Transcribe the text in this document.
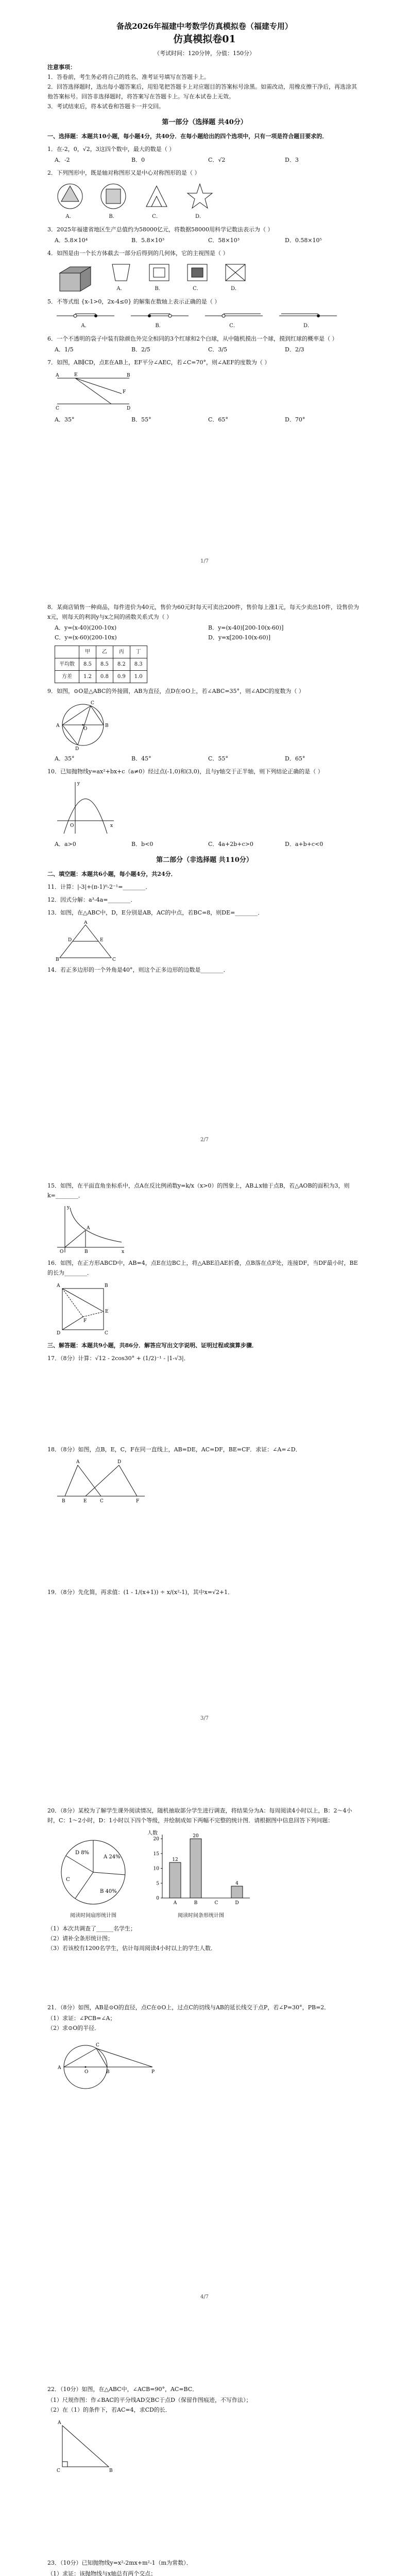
备战2026年福建中考数学仿真模拟卷（福建专用）
仿真模拟卷01
（考试时间：120分钟，分值：150分）
注意事项：
1．答卷前，考生务必将自己的姓名、准考证号填写在答题卡上。
2．回答选择题时，选出每小题答案后，用铅笔把答题卡上对应题目的答案标号涂黑。如需改动，用橡皮擦干净后，再选涂其他答案标号。回答非选择题时，将答案写在答题卡上。写在本试卷上无效。
3．考试结束后，将本试卷和答题卡一并交回。
第一部分（选择题 共40分）
一、选择题：本题共10小题，每小题4分，共40分．在每小题给出的四个选项中，只有一项是符合题目要求的．
1．在-2，0，√2，3这四个数中，最大的数是（ ）
A．-2	B．0	C．√2	D．3
2．下列图形中，既是轴对称图形又是中心对称图形的是（ ）
A．	B．	C．	D．
3．2025年福建省地区生产总值约为58000亿元，将数据58000用科学记数法表示为（ ）
A．5.8×10⁴	B．5.8×10³	C．58×10³	D．0.58×10⁵
4．如图是由一个长方体截去一部分后得到的几何体，它的主视图是（ ）
A．	B．	C．	D．
5．不等式组 {x-1>0，2x-4≤0} 的解集在数轴上表示正确的是（ ）
A．	B．	C．	D．
6．一个不透明的袋子中装有除颜色外完全相同的3个红球和2个白球，从中随机摸出一个球，摸到红球的概率是（ ）
A．1/5	B．2/5	C．3/5	D．2/3
7．如图，AB∥CD，点E在AB上，EF平分∠AEC，若∠C=70°，则∠AEF的度数为（ ）
A	B
C	D
E
F
A．35°	B．55°	C．65°	D．70°
1/7
8．某商店销售一种商品，每件进价为40元，售价为60元时每天可卖出200件，售价每上涨1元，每天少卖出10件，设售价为x元，则每天的利润y与x之间的函数关系式为（ ）
A．y=(x-40)(200-10x)	B．y=(x-40)[200-10(x-60)]
C．y=(x-60)(200-10x)	D．y=x[200-10(x-60)]
	甲	乙	丙	丁
平均数	8.5	8.5	8.2	8.3
方差	1.2	0.8	0.9	1.0
9．如图，⊙O是△ABC的外接圆，AB为直径，点D在⊙O上，若∠ABC=35°，则∠ADC的度数为（ ）
A	B
C
D
O
A．35°	B．45°	C．55°	D．65°
10．已知抛物线y=ax²+bx+c（a≠0）经过点(-1,0)和(3,0)，且与y轴交于正半轴，则下列结论正确的是（ ）
x
y
O
A．a>0	B．b<0	C．4a+2b+c>0	D．a+b+c<0
第二部分（非选择题 共110分）
二、填空题：本题共6小题，每小题4分，共24分．
11．计算：|-3|+(π-1)⁰-2⁻¹=________．
12．因式分解：a³-4a=________．
13．如图，在△ABC中，D，E分别是AB，AC的中点，若BC=8，则DE=________．
A
B	C
D	E
14．若正多边形的一个外角是40°，则这个正多边形的边数是________．
2/7
15．如图，在平面直角坐标系中，点A在反比例函数y=k/x（x>0）的图象上，AB⊥x轴于点B，若△AOB的面积为3，则k=________．
A
B
O	x
y
16．如图，在正方形ABCD中，AB=4，点E在边BC上，将△ABE沿AE折叠，点B落在点F处，连接DF，当DF最小时，BE的长为________．
A	B
C
D
E
F
三、解答题：本题共9小题，共86分．解答应写出文字说明、证明过程或演算步骤．
17．（8分）计算：√12 - 2cos30° + (1/2)⁻¹ - |1-√3|．
18．（8分）如图，点B，E，C，F在同一直线上，AB=DE，AC=DF，BE=CF．求证：∠A=∠D．
A	D
B	E	C	F
19．（8分）先化简，再求值：(1 - 1/(x+1)) ÷ x/(x²-1)，其中x=√2+1．
3/7
20．（8分）某校为了解学生课外阅读情况，随机抽取部分学生进行调查，将结果分为A：每周阅读4小时以上，B：2～4小时，C：1～2小时，D：1小时以下四个等级，并绘制成如下两幅不完整的统计图．请根据图中信息回答下列问题：
A 24%
B 40%
C
D 8%
阅读时间扇形统计图
人数
0
5
10
15
20
A
12
B
20
C	D
4
阅读时间条形统计图
（1）本次共调查了______名学生；
（2）请补全条形统计图；
（3）若该校有1200名学生，估计每周阅读4小时以上的学生人数．
21．（8分）如图，AB是⊙O的直径，点C在⊙O上，过点C的切线与AB的延长线交于点P，若∠P=30°，PB=2．
（1）求证：∠PCB=∠A；
（2）求⊙O的半径．
A
B
C
O	P
4/7
22．（10分）如图，在△ABC中，∠ACB=90°，AC=BC．
（1）尺规作图：作∠BAC的平分线AD交BC于点D（保留作图痕迹，不写作法）；
（2）在（1）的条件下，若AC=4，求CD的长．
A
C	B
23．（10分）已知抛物线y=x²-2mx+m²-1（m为常数）．
（1）求证：该抛物线与x轴总有两个交点；
